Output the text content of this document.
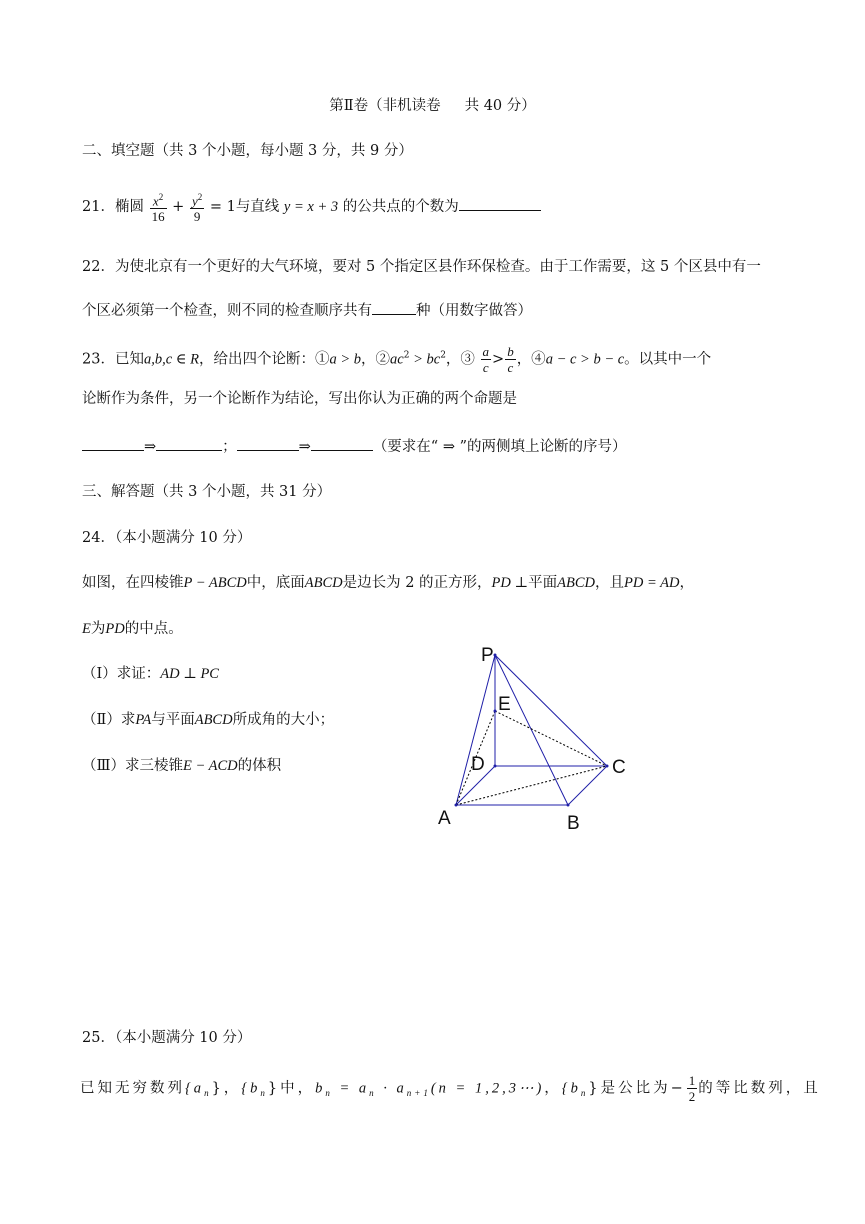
第Ⅱ卷（非机读卷 共 40 分）
二、填空题（共 3 个小题，每小题 3 分，共 9 分）
21．椭圆 $\frac{x^2}{16} + \frac{y^2}{9} = 1$与直线 y = x + 3 的公共点的个数为
22．为使北京有一个更好的大气环境，要对 5 个指定区县作环保检查。由于工作需要，这 5 个区县中有一
个区必须第一个检查，则不同的检查顺序共有	种（用数字做答）
23．已知a,b,c ∈ R，给出四个论断：①a > b，$②ac^2 > bc^2$，③ $\frac{a}{c} > \frac{b}{c}$ ，④a − c > b − c。以其中一个
论断作为条件，另一个论断作为结论，写出你认为正确的两个命题是
⇒	；	⇒	（要求在“ ⇒ ”的两侧填上论断的序号）
三、解答题（共 3 个小题，共 31 分）
24．（本小题满分 10 分）
如图，在四棱锥P − ABCD中，底面ABCD是边长为 2 的正方形，PD ⊥平面ABCD，且PD = AD，
E为PD的中点。
（Ⅰ）求证：AD ⊥ PC
（Ⅱ）求PA与平面ABCD所成角的大小；
（Ⅲ）求三棱锥E − ACD的体积
P
E
D	C
A	B
25．（本小题满分 10 分）
已知无穷数列$\{a_n\}$，$\{b_n\}$中，$b_n = a_n \cdot a_{n+1}(n$ = 1,2,3⋯)，$\{b_n\}$是公比为− $\frac{1}{2}$ 的等比数列，且
